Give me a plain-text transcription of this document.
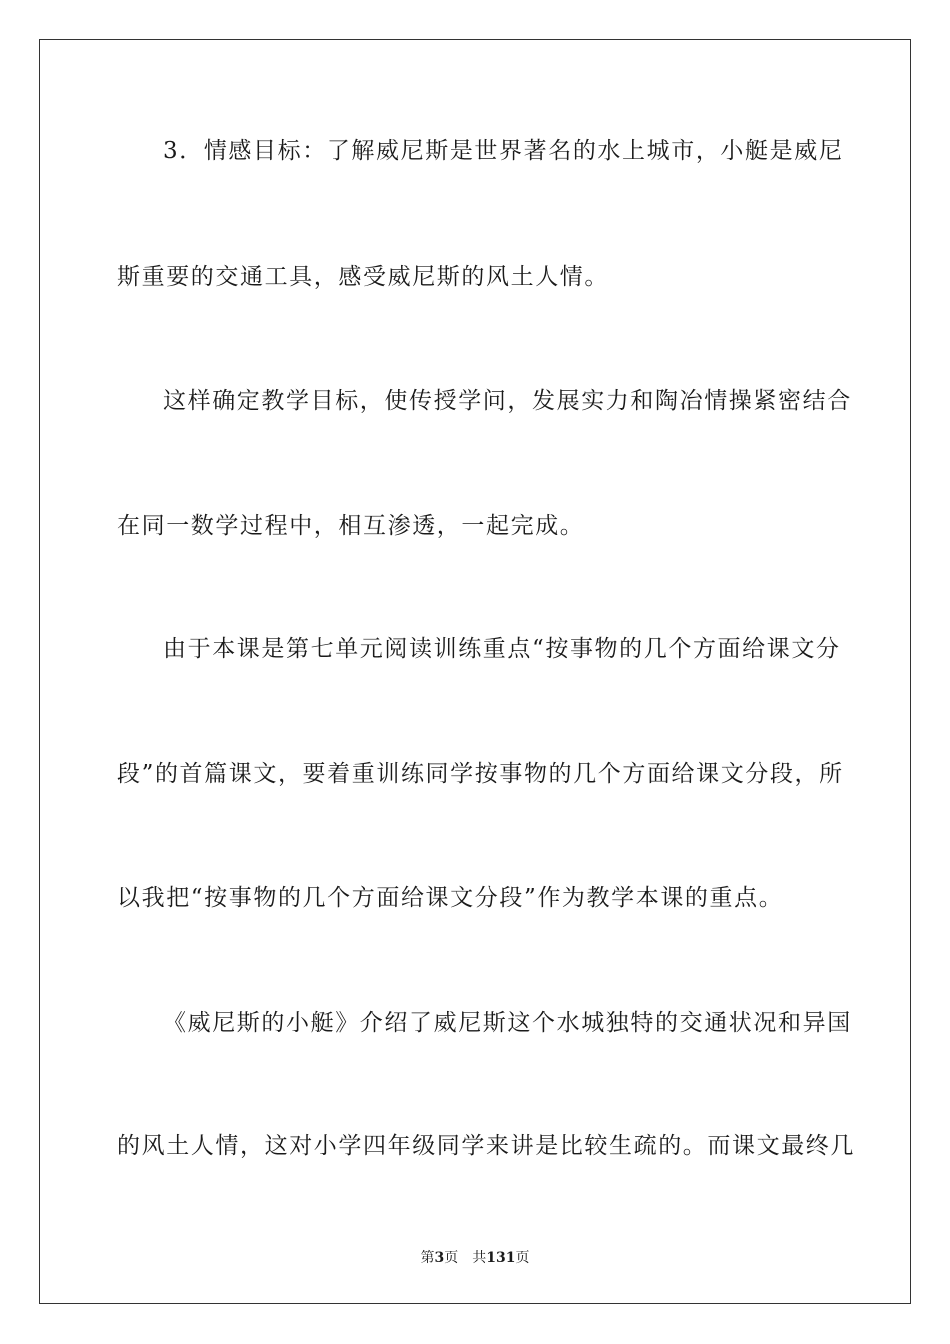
3．情感目标：了解威尼斯是世界著名的水上城市，小艇是威尼
斯重要的交通工具，感受威尼斯的风土人情。
这样确定教学目标，使传授学问，发展实力和陶冶情操紧密结合
在同一数学过程中，相互渗透，一起完成。
由于本课是第七单元阅读训练重点“按事物的几个方面给课文分
段”的首篇课文，要着重训练同学按事物的几个方面给课文分段，所
以我把“按事物的几个方面给课文分段”作为教学本课的重点。
《威尼斯的小艇》介绍了威尼斯这个水城独特的交通状况和异国
的风土人情，这对小学四年级同学来讲是比较生疏的。而课文最终几
第3页 共131页
